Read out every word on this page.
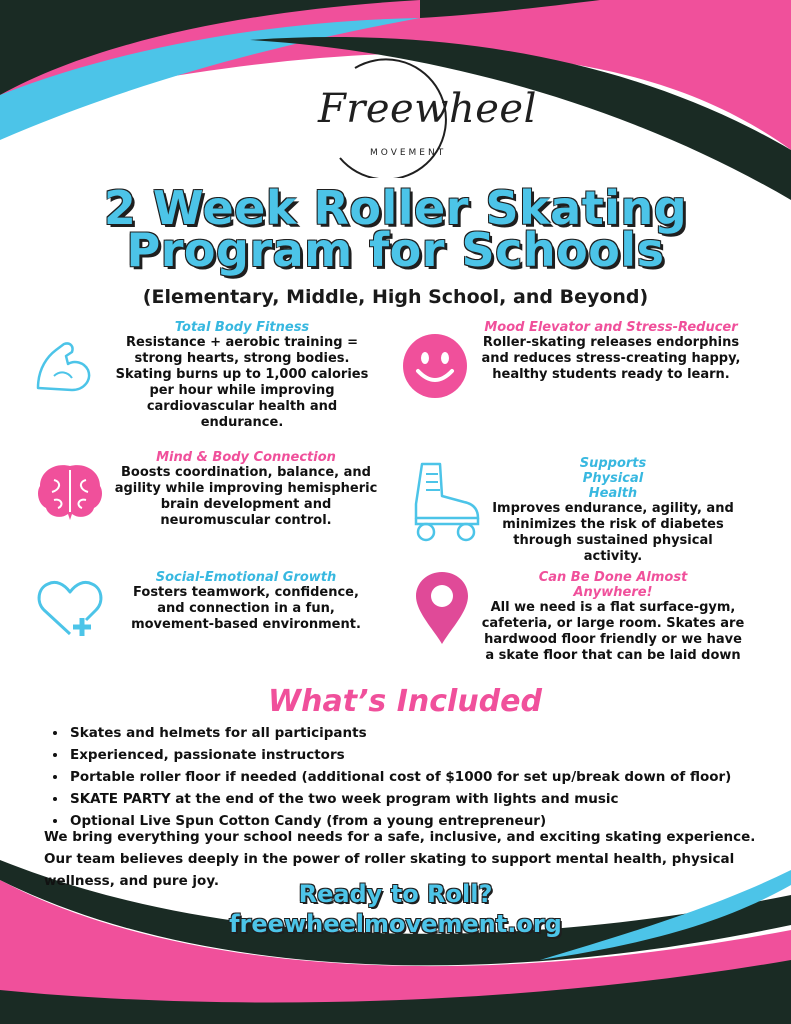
Freewheel
MOVEMENT
2 Week Roller Skating
Program for Schools
(Elementary, Middle, High School, and Beyond)
Total Body Fitness

Resistance + aerobic training = strong hearts, strong bodies. Skating burns up to 1,000 calories per hour while improving cardiovascular health and endurance.

Mood Elevator and Stress-Reducer

Roller-skating releases endorphins and reduces stress-creating happy, healthy students ready to learn.

Mind & Body Connection

Boosts coordination, balance, and agility while improving hemispheric brain development and neuromuscular control.

Supports Physical Health

Improves endurance, agility, and minimizes the risk of diabetes through sustained physical activity.

Social-Emotional Growth

Fosters teamwork, confidence, and connection in a fun, movement-based environment.

Can Be Done Almost Anywhere!

All we need is a flat surface-gym, cafeteria, or large room. Skates are hardwood floor friendly or we have a skate floor that can be laid down

What’s Included
• Skates and helmets for all participants
• Experienced, passionate instructors
• Portable roller floor if needed (additional cost of $1000 for set up/break down of floor)
• SKATE PARTY at the end of the two week program with lights and music
• Optional Live Spun Cotton Candy (from a young entrepreneur)
We bring everything your school needs for a safe, inclusive, and exciting skating experience. Our team believes deeply in the power of roller skating to support mental health, physical wellness, and pure joy.	Ready to Roll?
freewheelmovement.org
